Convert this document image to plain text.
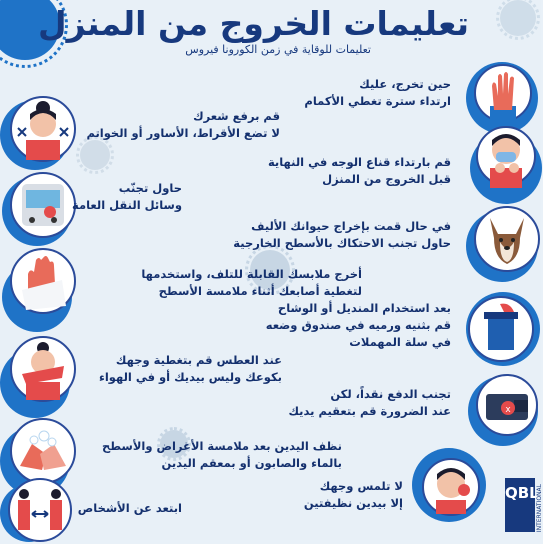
تعليمات الخروج من المنزل
تعليمات للوقاية في زمن الكورونا فيروس
حين تخرج، عليك
ارتداء سترة تغطي الأكمام
قم بارتداء قناع الوجه في النهاية
قبل الخروج من المنزل
في حال قمت بإخراج حيوانك الأليف
حاول تجنب الاحتكاك بالأسطح الخارجية
بعد استخدام المنديل أو الوشاح
قم بثنيه ورميه في صندوق وضعه
في سلة المهملات
x
تجنب الدفع نقداً، لكن
عند الضرورة قم بتعقيم يديك
لا تلمس وجهك
إلا بيدين نظيفتين
قم برفع شعرك
لا تضع الأقراط، الأساور أو الخواتم
حاول تجنّب
وسائل النقل العامة
أخرج ملابسك القابلة للتلف، واستخدمها
لتغطية أصابعك أثناء ملامسة الأسطح
عند العطس قم بتغطية وجهك
بكوعك وليس بيديك أو في الهواء
نظف اليدين بعد ملامسة الأغراض والأسطح
بالماء والصابون أو بمعقم اليدين
ابتعد عن الأشخاص
QBL
INTERNATIONAL
